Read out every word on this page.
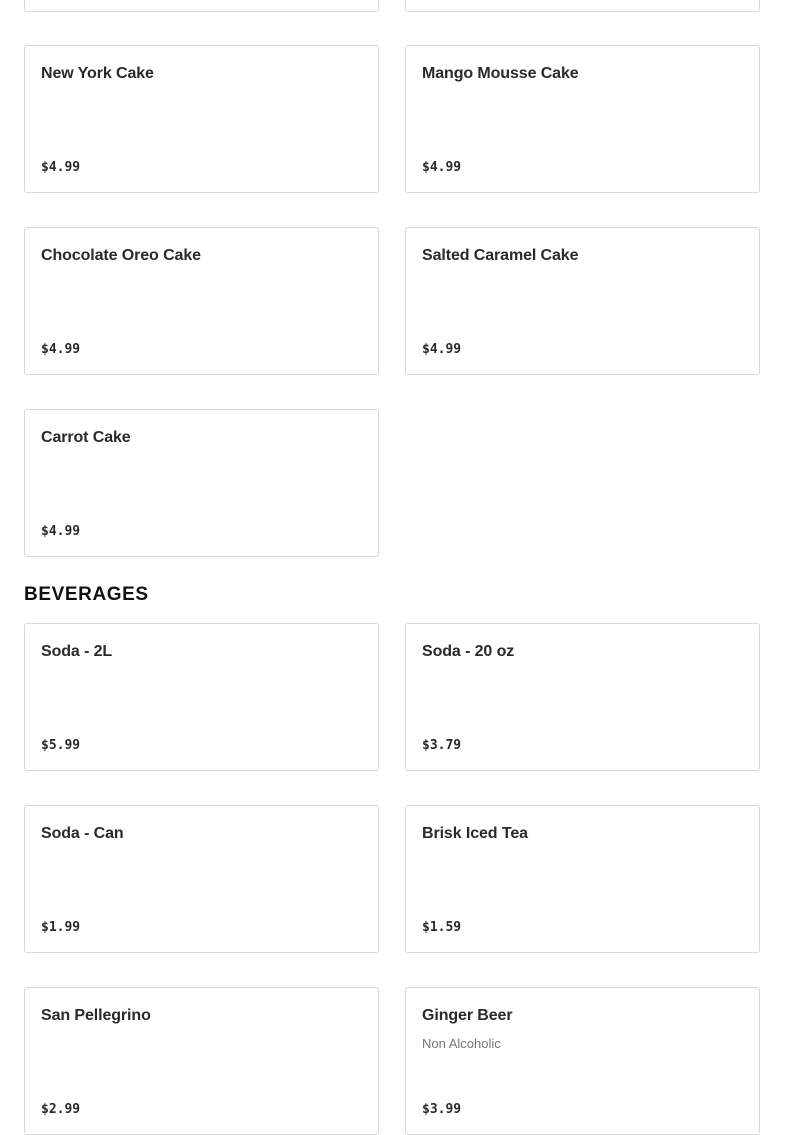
New York Cake
$4.99
Mango Mousse Cake
$4.99
Chocolate Oreo Cake
$4.99
Salted Caramel Cake
$4.99
Carrot Cake
$4.99
BEVERAGES
Soda - 2L
$5.99
Soda - 20 oz
$3.79
Soda - Can
$1.99
Brisk Iced Tea
$1.59
San Pellegrino
$2.99
Ginger Beer
Non Alcoholic
$3.99
